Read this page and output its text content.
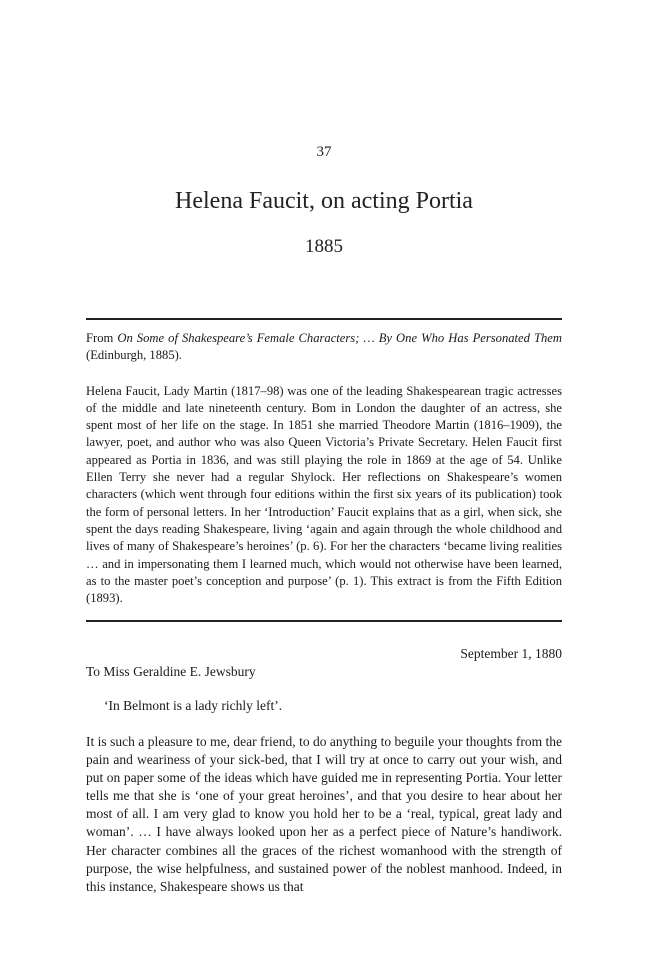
37
Helena Faucit, on acting Portia
1885

From On Some of Shakespeare’s Female Characters; … By One Who Has Personated Them (Edinburgh, 1885).

Helena Faucit, Lady Martin (1817–98) was one of the leading Shakespearean tragic actresses of the middle and late nineteenth century. Bom in London the daughter of an actress, she spent most of her life on the stage. In 1851 she married Theodore Martin (1816–1909), the lawyer, poet, and author who was also Queen Victoria’s Private Secretary. Helen Faucit first appeared as Portia in 1836, and was still playing the role in 1869 at the age of 54. Unlike Ellen Terry she never had a regular Shylock. Her reflections on Shakespeare’s women characters (which went through four editions within the first six years of its publication) took the form of personal letters. In her ‘Introduction’ Faucit explains that as a girl, when sick, she spent the days reading Shakespeare, living ‘again and again through the whole childhood and lives of many of Shakespeare’s heroines’ (p. 6). For her the characters ‘became living realities … and in impersonating them I learned much, which would not otherwise have been learned, as to the master poet’s conception and purpose’ (p. 1). This extract is from the Fifth Edition (1893).

September 1, 1880
To Miss Geraldine E. Jewsbury
‘In Belmont is a lady richly left’.

It is such a pleasure to me, dear friend, to do anything to beguile your thoughts from the pain and weariness of your sick-bed, that I will try at once to carry out your wish, and put on paper some of the ideas which have guided me in representing Portia. Your letter tells me that she is ‘one of your great heroines’, and that you desire to hear about her most of all. I am very glad to know you hold her to be a ‘real, typical, great lady and woman’. … I have always looked upon her as a perfect piece of Nature’s handiwork. Her character combines all the graces of the richest womanhood with the strength of purpose, the wise helpfulness, and sustained power of the noblest manhood. Indeed, in this instance, Shakespeare shows us that
